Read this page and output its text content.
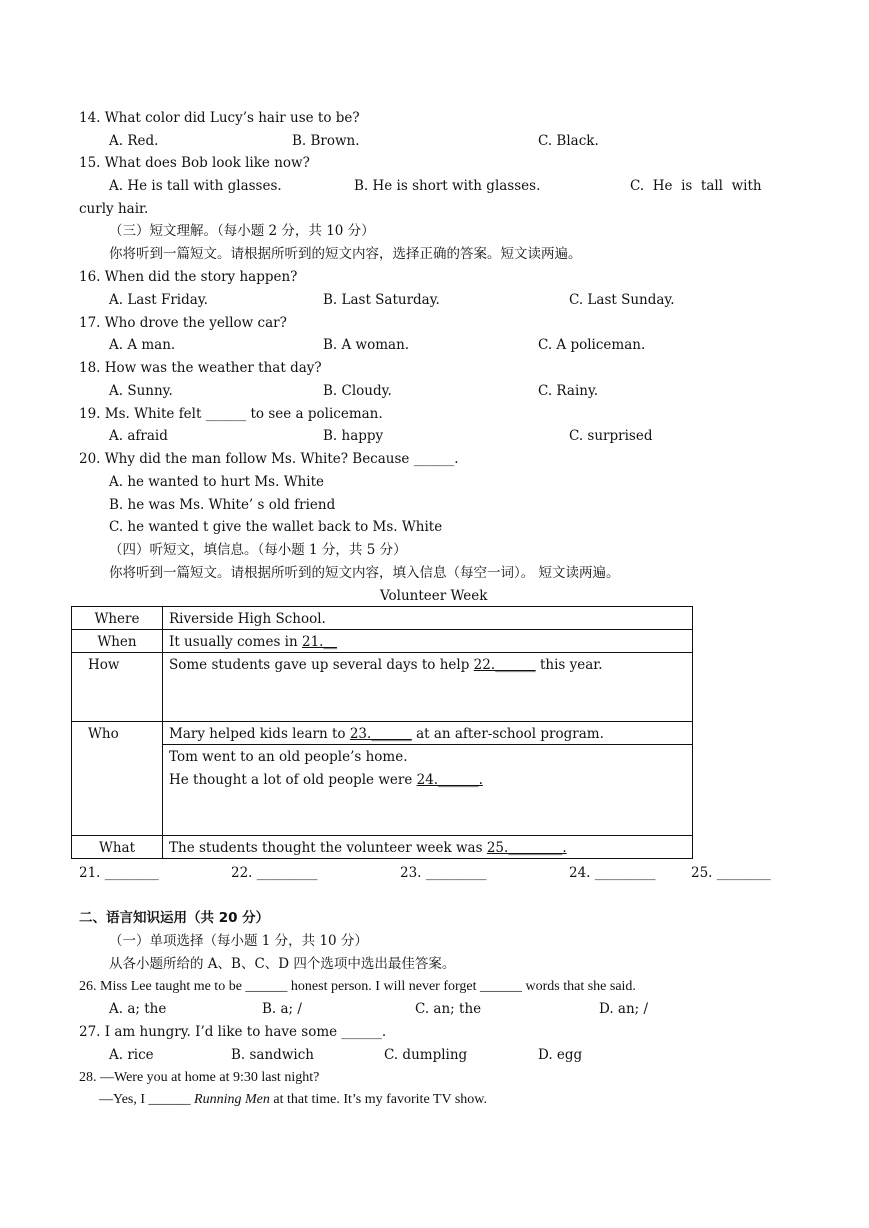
14. What color did Lucy’s hair use to be?
A. Red.	B. Brown.	C. Black.
15. What does Bob look like now?
A. He is tall with glasses.	B. He is short with glasses.	C.  He  is  tall  with
curly hair.
（三）短文理解。（每小题 2 分，共 10 分）
你将听到一篇短文。请根据所听到的短文内容，选择正确的答案。短文读两遍。
16. When did the story happen?
A. Last Friday.	B. Last Saturday.	C. Last Sunday.
17. Who drove the yellow car?
A. A man.	B. A woman.	C. A policeman.
18. How was the weather that day?
A. Sunny.	B. Cloudy.	C. Rainy.
19. Ms. White felt ______ to see a policeman.
A. afraid	B. happy	C. surprised
20. Why did the man follow Ms. White? Because ______.
A. he wanted to hurt Ms. White
B. he was Ms. White’ s old friend
C. he wanted t give the wallet back to Ms. White
（四）听短文，填信息。（每小题 1 分，共 5 分）
你将听到一篇短文。请根据所听到的短文内容，填入信息（每空一词）。 短文读两遍。
Volunteer Week
Where	Riverside High School.
When	It usually comes in 21.__
How	Some students gave up several days to help 22.______ this year.
Who	Mary helped kids learn to 23.______ at an after-school program.

	Tom went to an old people’s home.
He thought a lot of old people were 24.______.

What	The students thought the volunteer week was 25.________.
21. ________	22. _________	23. _________	24. _________	25. ________
二、语言知识运用（共 20 分）
（一）单项选择（每小题 1 分，共 10 分）
从各小题所给的 A、B、C、D 四个选项中选出最佳答案。
26. Miss Lee taught me to be ______ honest person. I will never forget ______ words that she said.
A. a; the	B. a; /	C. an; the	D. an; /
27. I am hungry. I’d like to have some ______.
A. rice	B. sandwich	C. dumpling	D. egg
28. —Were you at home at 9:30 last night?
—Yes, I ______ Running Men at that time. It’s my favorite TV show.
